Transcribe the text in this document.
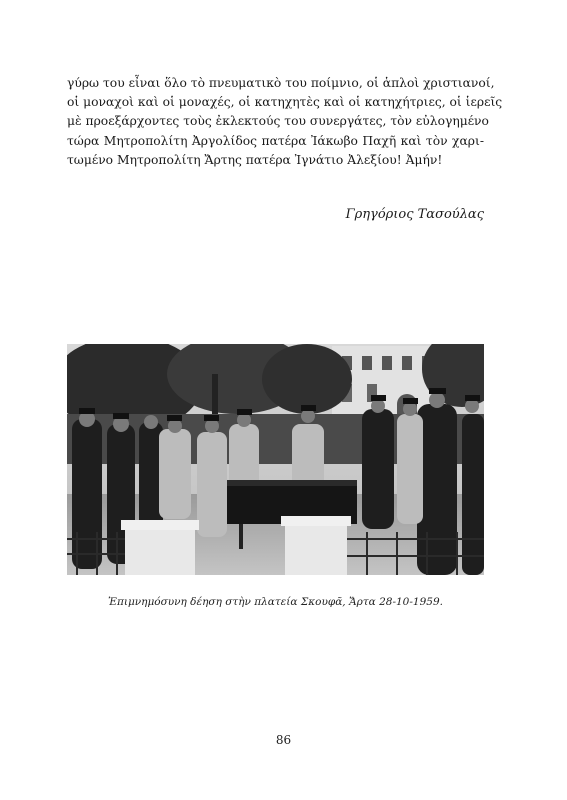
γύρω του εἶναι ὅλο τὸ πνευματικὸ του ποίμνιο, οἱ ἁπλοὶ χριστιανοί,
οἱ μοναχοὶ καὶ οἱ μοναχές, οἱ κατηχητὲς καὶ οἱ κατηχήτριες, οἱ ἱερεῖς
μὲ προεξάρχοντες τοὺς ἐκλεκτούς του συνεργάτες, τὸν εὐλογημένο
τώρα Μητροπολίτη Ἀργολίδος πατέρα Ἰάκωβο Παχῆ καὶ τὸν χαρι-
τωμένο Μητροπολίτη Ἄρτης πατέρα Ἰγνάτιο Ἀλεξίου! Ἀμήν!

Γρηγόριος Τασούλας

Ἐπιμνημόσυνη δέηση στὴν πλατεία Σκουφᾶ, Ἄρτα 28-10-1959.

86
